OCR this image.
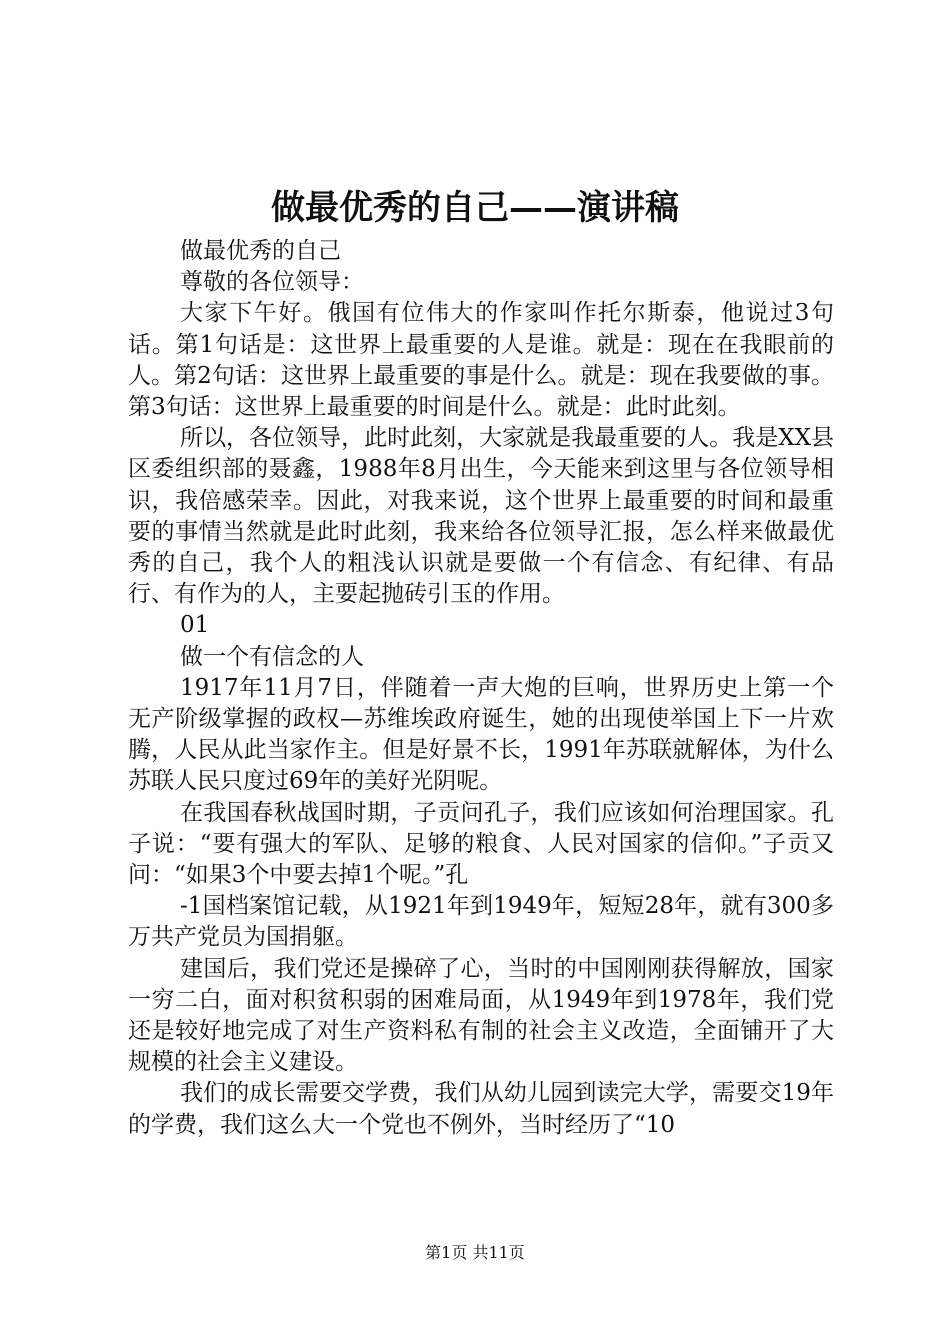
做最优秀的自己——演讲稿

做最优秀的自己

尊敬的各位领导：

大家下午好。俄国有位伟大的作家叫作托尔斯泰，他说过3句话。第1句话是：这世界上最重要的人是谁。就是：现在在我眼前的人。第2句话：这世界上最重要的事是什么。就是：现在我要做的事。第3句话：这世界上最重要的时间是什么。就是：此时此刻。

所以，各位领导，此时此刻，大家就是我最重要的人。我是XX县区委组织部的聂鑫，1988年8月出生，今天能来到这里与各位领导相识，我倍感荣幸。因此，对我来说，这个世界上最重要的时间和最重要的事情当然就是此时此刻，我来给各位领导汇报，怎么样来做最优秀的自己，我个人的粗浅认识就是要做一个有信念、有纪律、有品行、有作为的人，主要起抛砖引玉的作用。

01

做一个有信念的人

1917年11月7日，伴随着一声大炮的巨响，世界历史上第一个无产阶级掌握的政权—苏维埃政府诞生，她的出现使举国上下一片欢腾，人民从此当家作主。但是好景不长，1991年苏联就解体，为什么苏联人民只度过69年的美好光阴呢。

在我国春秋战国时期，子贡问孔子，我们应该如何治理国家。孔子说：“要有强大的军队、足够的粮食、人民对国家的信仰。”子贡又问：“如果3个中要去掉1个呢。”孔

-1国档案馆记载，从1921年到1949年，短短28年，就有300多万共产党员为国捐躯。

建国后，我们党还是操碎了心，当时的中国刚刚获得解放，国家一穷二白，面对积贫积弱的困难局面，从1949年到1978年，我们党还是较好地完成了对生产资料私有制的社会主义改造，全面铺开了大规模的社会主义建设。

我们的成长需要交学费，我们从幼儿园到读完大学，需要交19年的学费，我们这么大一个党也不例外，当时经历了“10

第1页 共11页
